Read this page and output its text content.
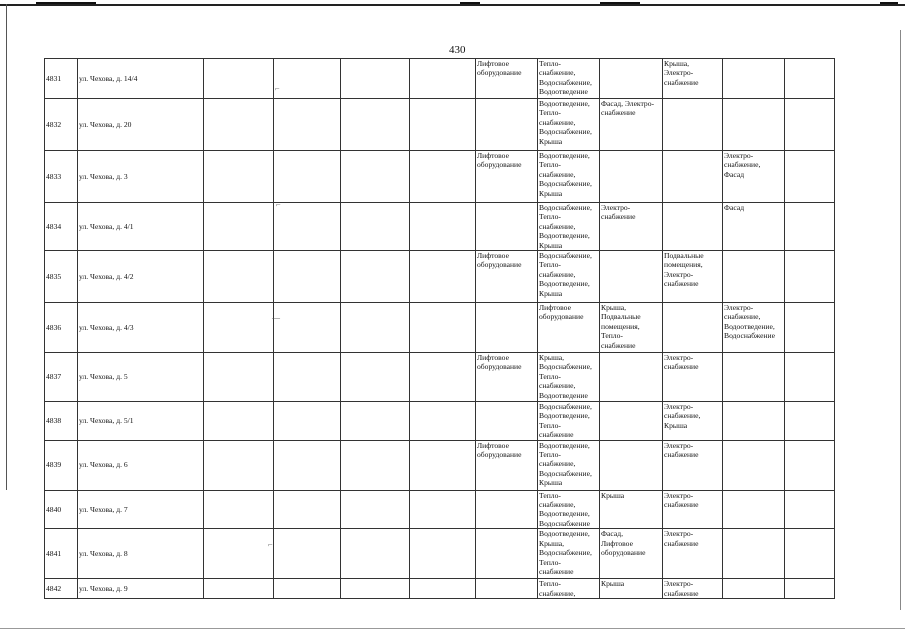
430
4831	ул. Чехова, д. 14/4					Лифтовое
оборудование	Тепло-
снабжение,
Водоснабжение,
Водоотведение		Крыша,
Электро-
снабжение		
4832	ул. Чехова, д. 20						Водоотведение,
Тепло-
снабжение,
Водоснабжение,
Крыша	Фасад, Электро-
снабжение			
4833	ул. Чехова, д. 3					Лифтовое
оборудование	Водоотведение,
Тепло-
снабжение,
Водоснабжение,
Крыша			Электро-
снабжение,
Фасад	
4834	ул. Чехова, д. 4/1						Водоснабжение,
Тепло-
снабжение,
Водоотведение,
Крыша	Электро-
снабжение		Фасад	
4835	ул. Чехова, д. 4/2					Лифтовое
оборудование	Водоснабжение,
Тепло-
снабжение,
Водоотведение,
Крыша		Подвальные
помещения,
Электро-
снабжение		
4836	ул. Чехова, д. 4/3						Лифтовое
оборудование	Крыша,
Подвальные
помещения,
Тепло-
снабжение		Электро-
снабжение,
Водоотведение,
Водоснабжение	
4837	ул. Чехова, д. 5					Лифтовое
оборудование	Крыша,
Водоснабжение,
Тепло-
снабжение,
Водоотведение		Электро-
снабжение		
4838	ул. Чехова, д. 5/1						Водоснабжение,
Водоотведение,
Тепло-
снабжение		Электро-
снабжение,
Крыша		
4839	ул. Чехова, д. 6					Лифтовое
оборудование	Водоотведение,
Тепло-
снабжение,
Водоснабжение,
Крыша		Электро-
снабжение		
4840	ул. Чехова, д. 7						Тепло-
снабжение,
Водоотведение,
Водоснабжение	Крыша	Электро-
снабжение		
4841	ул. Чехова, д. 8						Водоотведение,
Крыша,
Водоснабжение,
Тепло-
снабжение	Фасад,
Лифтовое
оборудование	Электро-
снабжение		
4842	ул. Чехова, д. 9						Тепло-
снабжение,	Крыша	Электро-
снабжение		
⌐
⌐
—
⌐
